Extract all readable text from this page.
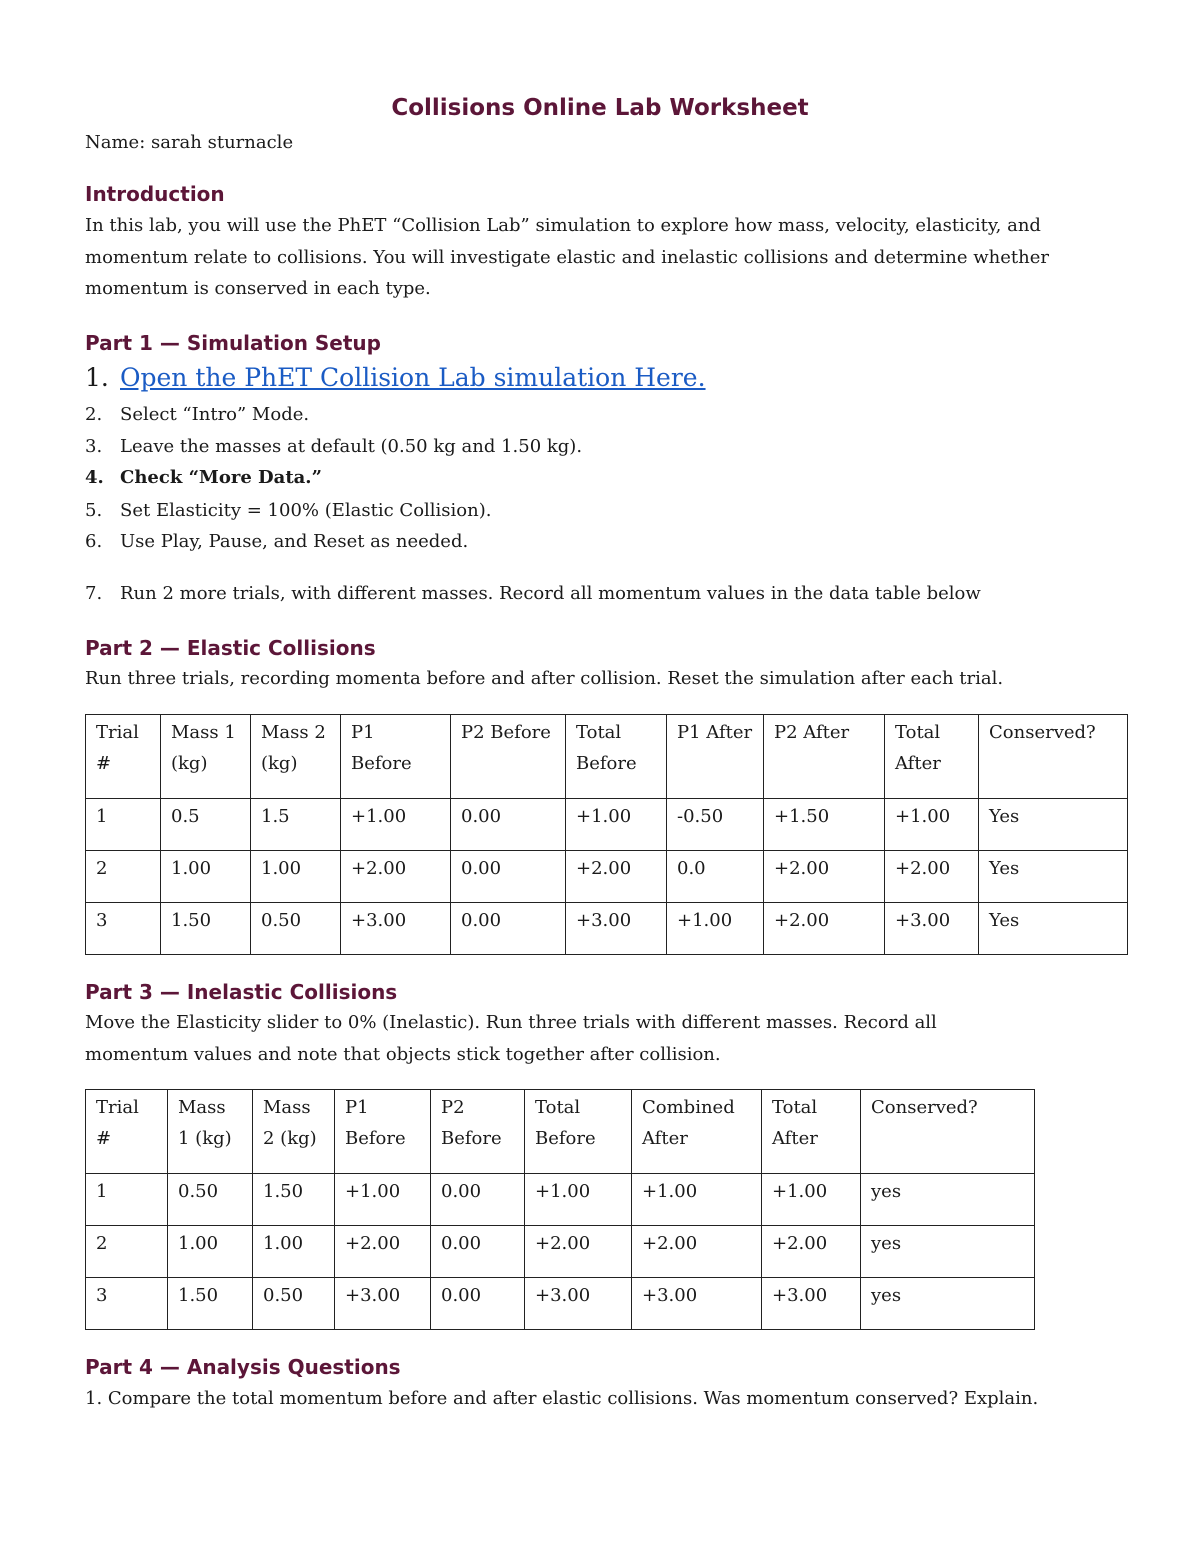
Collisions Online Lab Worksheet

Name: sarah sturnacle

Introduction

In this lab, you will use the PhET “Collision Lab” simulation to explore how mass, velocity, elasticity, and momentum relate to collisions. You will investigate elastic and inelastic collisions and determine whether momentum is conserved in each type.

Part 1 — Simulation Setup
1. Open the PhET Collision Lab simulation Here.
2. Select “Intro” Mode.
3. Leave the masses at default (0.50 kg and 1.50 kg).
4. Check “More Data.”
5. Set Elasticity = 100% (Elastic Collision).
6. Use Play, Pause, and Reset as needed.
7. Run 2 more trials, with different masses. Record all momentum values in the data table below
Part 2 — Elastic Collisions

Run three trials, recording momenta before and after collision. Reset the simulation after each trial.

Trial #	Mass 1 (kg)	Mass 2 (kg)	P1 Before	P2 Before	Total Before	P1 After	P2 After	Total After	Conserved?
1	0.5	1.5	+1.00	0.00	+1.00	-0.50	+1.50	+1.00	Yes
2	1.00	1.00	+2.00	0.00	+2.00	0.0	+2.00	+2.00	Yes
3	1.50	0.50	+3.00	0.00	+3.00	+1.00	+2.00	+3.00	Yes
Part 3 — Inelastic Collisions

Move the Elasticity slider to 0% (Inelastic). Run three trials with different masses. Record all momentum values and note that objects stick together after collision.

Trial #	Mass 1 (kg)	Mass 2 (kg)	P1 Before	P2 Before	Total Before	Combined After	Total After	Conserved?
1	0.50	1.50	+1.00	0.00	+1.00	+1.00	+1.00	yes
2	1.00	1.00	+2.00	0.00	+2.00	+2.00	+2.00	yes
3	1.50	0.50	+3.00	0.00	+3.00	+3.00	+3.00	yes
Part 4 — Analysis Questions

1. Compare the total momentum before and after elastic collisions. Was momentum conserved? Explain.
